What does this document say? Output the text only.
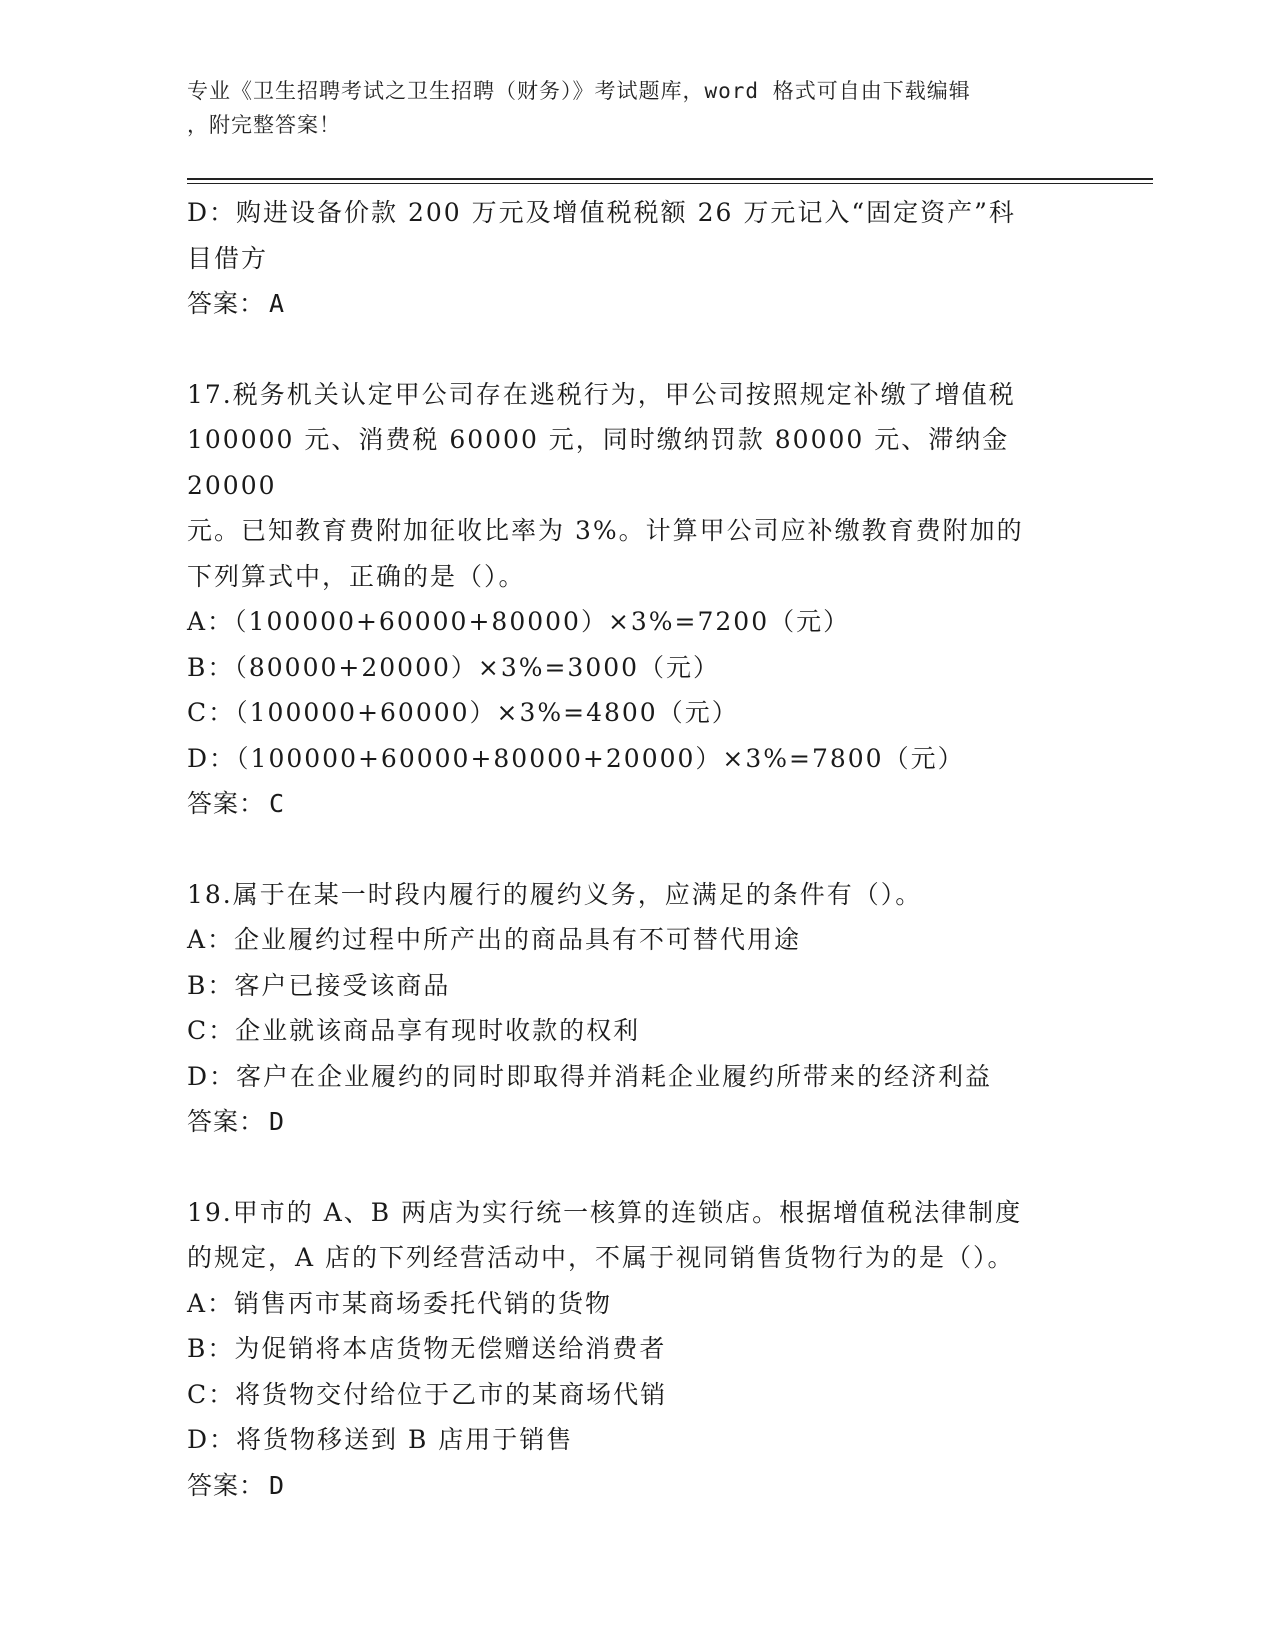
专业《卫生招聘考试之卫生招聘（财务）》考试题库，word 格式可自由下载编辑
，附完整答案！
D：购进设备价款 200 万元及增值税税额 26 万元记入“固定资产”科
目借方
答案： A
17.税务机关认定甲公司存在逃税行为，甲公司按照规定补缴了增值税
100000 元、消费税 60000 元，同时缴纳罚款 80000 元、滞纳金 20000
元。已知教育费附加征收比率为 3%。计算甲公司应补缴教育费附加的
下列算式中，正确的是（）。
A：（100000+60000+80000）×3%=7200（元）
B：（80000+20000）×3%=3000（元）
C：（100000+60000）×3%=4800（元）
D：（100000+60000+80000+20000）×3%=7800（元）
答案： C
18.属于在某一时段内履行的履约义务，应满足的条件有（）。
A：企业履约过程中所产出的商品具有不可替代用途
B：客户已接受该商品
C：企业就该商品享有现时收款的权利
D：客户在企业履约的同时即取得并消耗企业履约所带来的经济利益
答案： D
19.甲市的 A、B 两店为实行统一核算的连锁店。根据增值税法律制度
的规定，A 店的下列经营活动中，不属于视同销售货物行为的是（）。
A：销售丙市某商场委托代销的货物
B：为促销将本店货物无偿赠送给消费者
C：将货物交付给位于乙市的某商场代销
D：将货物移送到 B 店用于销售
答案： D
